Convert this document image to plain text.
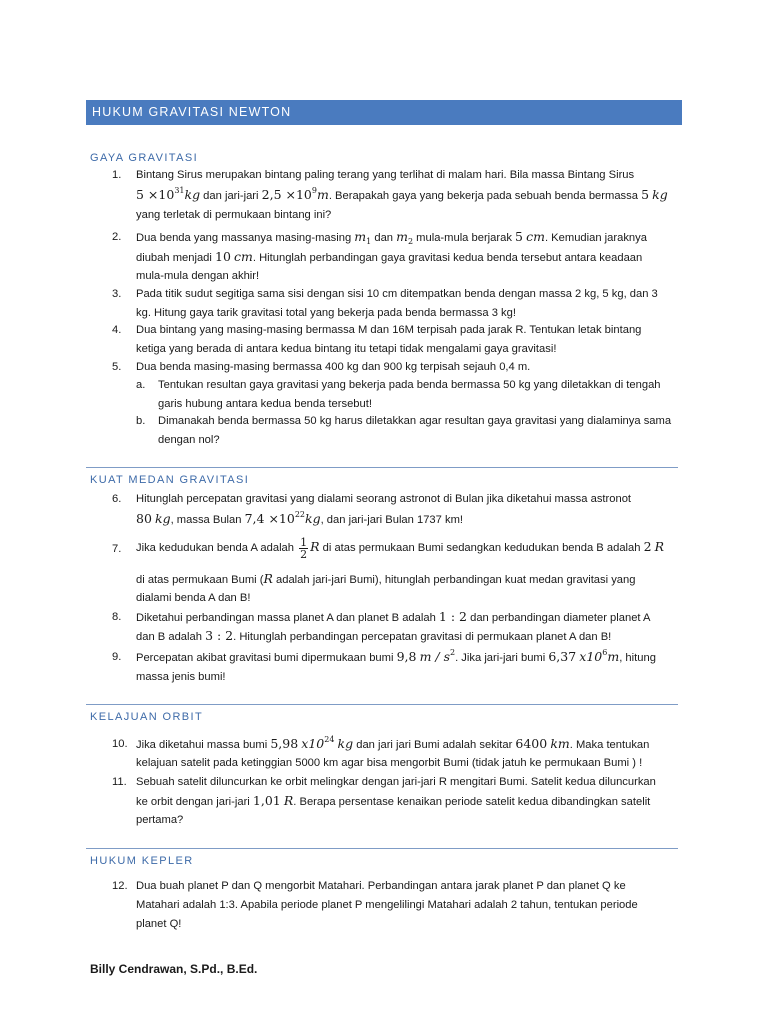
HUKUM GRAVITASI NEWTON
GAYA GRAVITASI
1.	Bintang Sirus merupakan bintang paling terang yang terlihat di malam hari. Bila massa Bintang Sirus
$5 \times 10^{31}kg$ dan jari-jari $2,5 \times 10^9m$. Berapakah gaya yang bekerja pada sebuah benda bermassa 5 kg
yang terletak di permukaan bintang ini?
2.	Dua benda yang massanya masing-masing $m_1$ dan $m_2$ mula-mula berjarak 5 cm. Kemudian jaraknya
diubah menjadi 10 cm. Hitunglah perbandingan gaya gravitasi kedua benda tersebut antara keadaan
mula-mula dengan akhir!
3.	Pada titik sudut segitiga sama sisi dengan sisi 10 cm ditempatkan benda dengan massa 2 kg, 5 kg, dan 3
kg. Hitung gaya tarik gravitasi total yang bekerja pada benda bermassa 3 kg!
4.	Dua bintang yang masing-masing bermassa M dan 16M terpisah pada jarak R. Tentukan letak bintang
ketiga yang berada di antara kedua bintang itu tetapi tidak mengalami gaya gravitasi!
5.	Dua benda masing-masing bermassa 400 kg dan 900 kg terpisah sejauh 0,4 m.
a. Tentukan resultan gaya gravitasi yang bekerja pada benda bermassa 50 kg yang diletakkan di tengah
garis hubung antara kedua benda tersebut!
b. Dimanakah benda bermassa 50 kg harus diletakkan agar resultan gaya gravitasi yang dialaminya sama
dengan nol?
KUAT MEDAN GRAVITASI
6.	Hitunglah percepatan gravitasi yang dialami seorang astronot di Bulan jika diketahui massa astronot
80 kg, massa Bulan $7,4 \times 10^{22}kg$, dan jari-jari Bulan 1737 km!
7.	Jika kedudukan benda A adalah $\frac{1}{2}$ R di atas permukaan Bumi sedangkan kedudukan benda B adalah 2 R
di atas permukaan Bumi (R adalah jari-jari Bumi), hitunglah perbandingan kuat medan gravitasi yang
dialami benda A dan B!
8.	Diketahui perbandingan massa planet A dan planet B adalah 1 : 2 dan perbandingan diameter planet A
dan B adalah 3 : 2. Hitunglah perbandingan percepatan gravitasi di permukaan planet A dan B!
9.	Percepatan akibat gravitasi bumi dipermukaan bumi 9,8 m / $s^2$. Jika jari-jari bumi 6,37 $x10^6m$, hitung
massa jenis bumi!
KELAJUAN ORBIT
10. Jika diketahui massa bumi 5,98 $x10^{24}$ kg dan jari jari Bumi adalah sekitar 6400 km. Maka tentukan
kelajuan satelit pada ketinggian 5000 km agar bisa mengorbit Bumi (tidak jatuh ke permukaan Bumi ) !
11. Sebuah satelit diluncurkan ke orbit melingkar dengan jari-jari R mengitari Bumi. Satelit kedua diluncurkan
ke orbit dengan jari-jari 1,01 R. Berapa persentase kenaikan periode satelit kedua dibandingkan satelit
pertama?
HUKUM KEPLER
12. Dua buah planet P dan Q mengorbit Matahari. Perbandingan antara jarak planet P dan planet Q ke
Matahari adalah 1:3. Apabila periode planet P mengelilingi Matahari adalah 2 tahun, tentukan periode
planet Q!
Billy Cendrawan, S.Pd., B.Ed.
